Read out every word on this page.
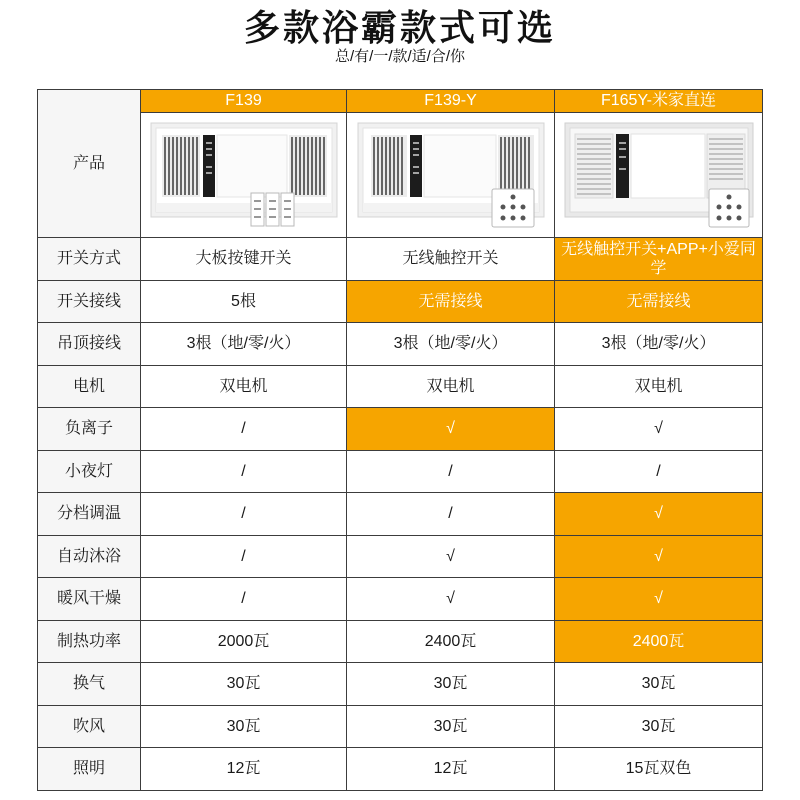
多款浴霸款式可选
总/有/一/款/适/合/你
产品	F139	F139-Y	F165Y-米家直连

开关方式	大板按键开关	无线触控开关	无线触控开关+APP+小爱同学
开关接线	5根	无需接线	无需接线
吊顶接线	3根（地/零/火）	3根（地/零/火）	3根（地/零/火）
电机	双电机	双电机	双电机
负离子	/	√	√
小夜灯	/	/	/
分档调温	/	/	√
自动沐浴	/	√	√
暖风干燥	/	√	√
制热功率	2000瓦	2400瓦	2400瓦
换气	30瓦	30瓦	30瓦
吹风	30瓦	30瓦	30瓦
照明	12瓦	12瓦	15瓦双色
